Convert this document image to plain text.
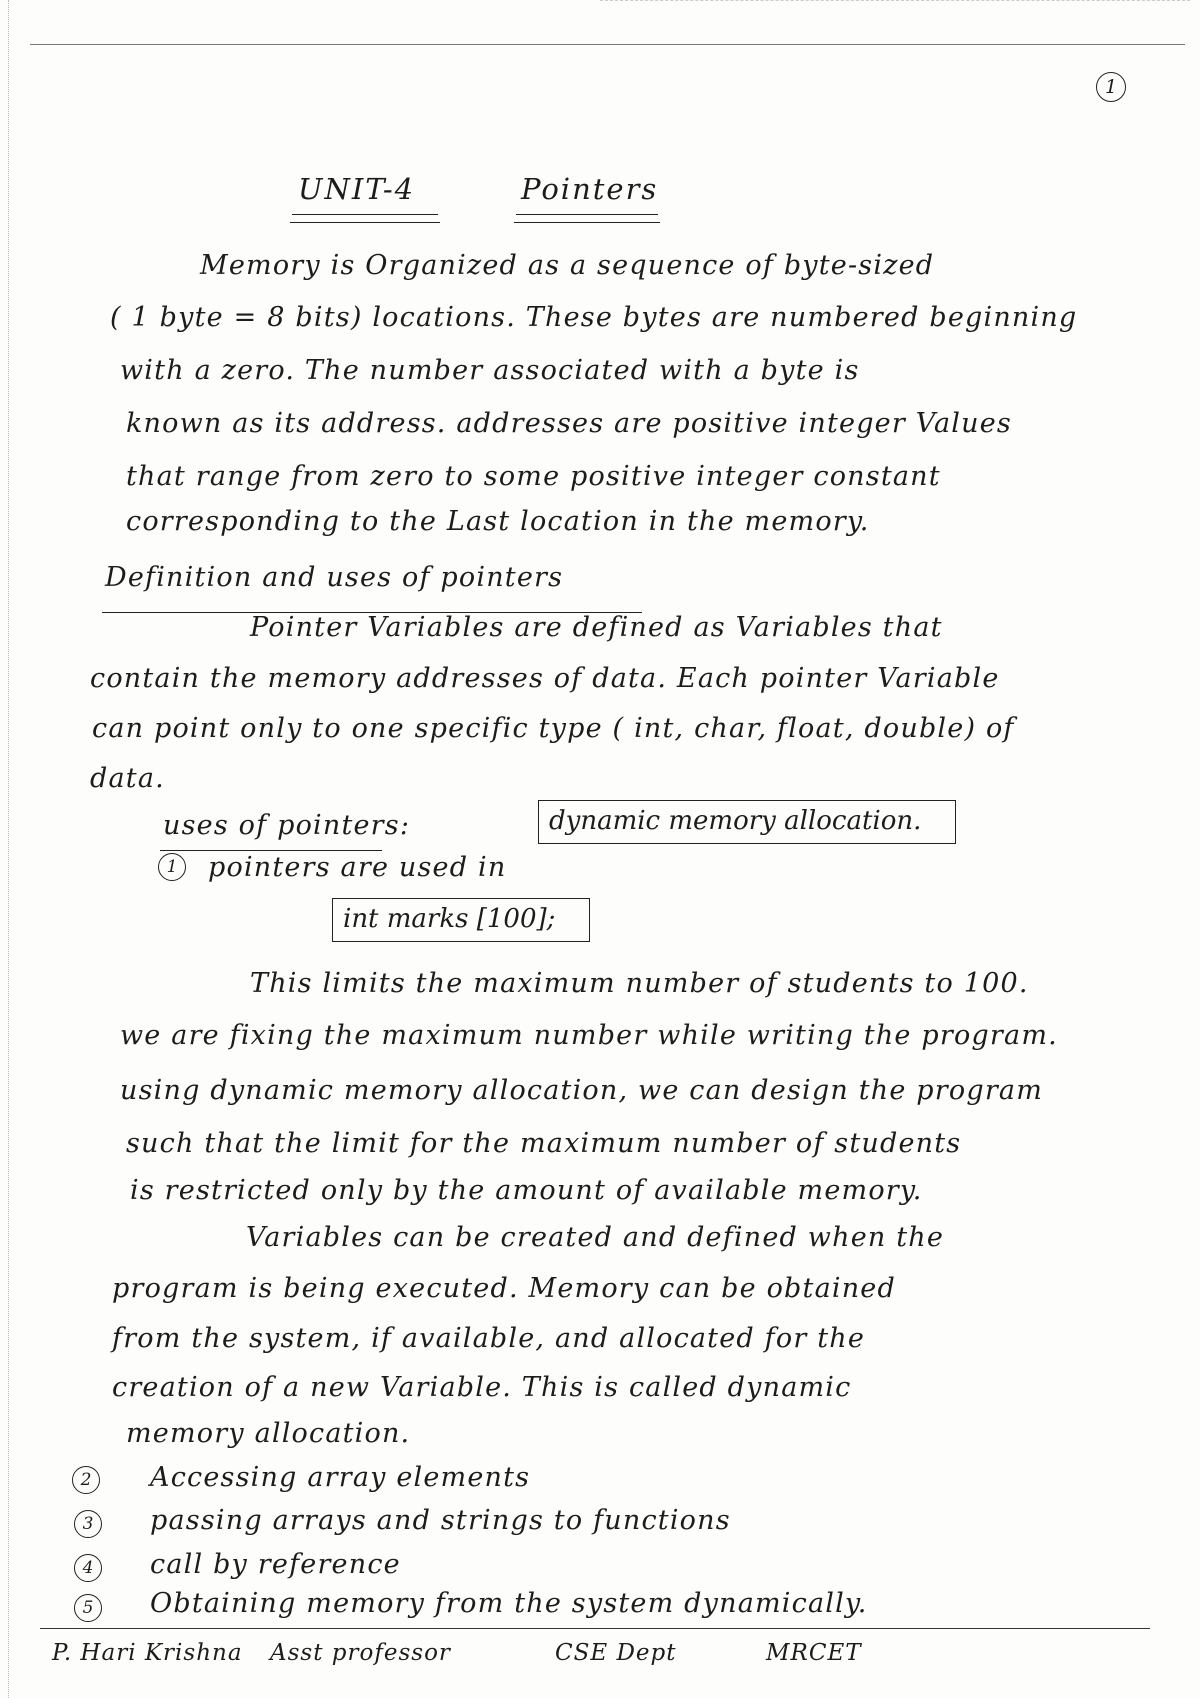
1
UNIT-4	Pointers
Memory is Organized as a sequence of byte-sized
( 1 byte = 8 bits) locations. These bytes are numbered beginning
with a zero. The number associated with a byte is
known as its address. addresses are positive integer Values
that range from zero to some positive integer constant
corresponding to the Last location in the memory.
Definition and uses of pointers
Pointer Variables are defined as Variables that
contain the memory addresses of data. Each pointer Variable
can point only to one specific type ( int, char, float, double) of
data.
uses of pointers:
1	pointers are used in
dynamic memory allocation.
int marks [100];
This limits the maximum number of students to 100.
we are fixing the maximum number while writing the program.
using dynamic memory allocation, we can design the program
such that the limit for the maximum number of students
is restricted only by the amount of available memory.
Variables can be created and defined when the
program is being executed. Memory can be obtained
from the system, if available, and allocated for the
creation of a new Variable. This is called dynamic
memory allocation.
2	Accessing array elements
3	passing arrays and strings to functions
4	call by reference
5	Obtaining memory from the system dynamically.
P. Hari Krishna Asst professor	CSE Dept	MRCET
